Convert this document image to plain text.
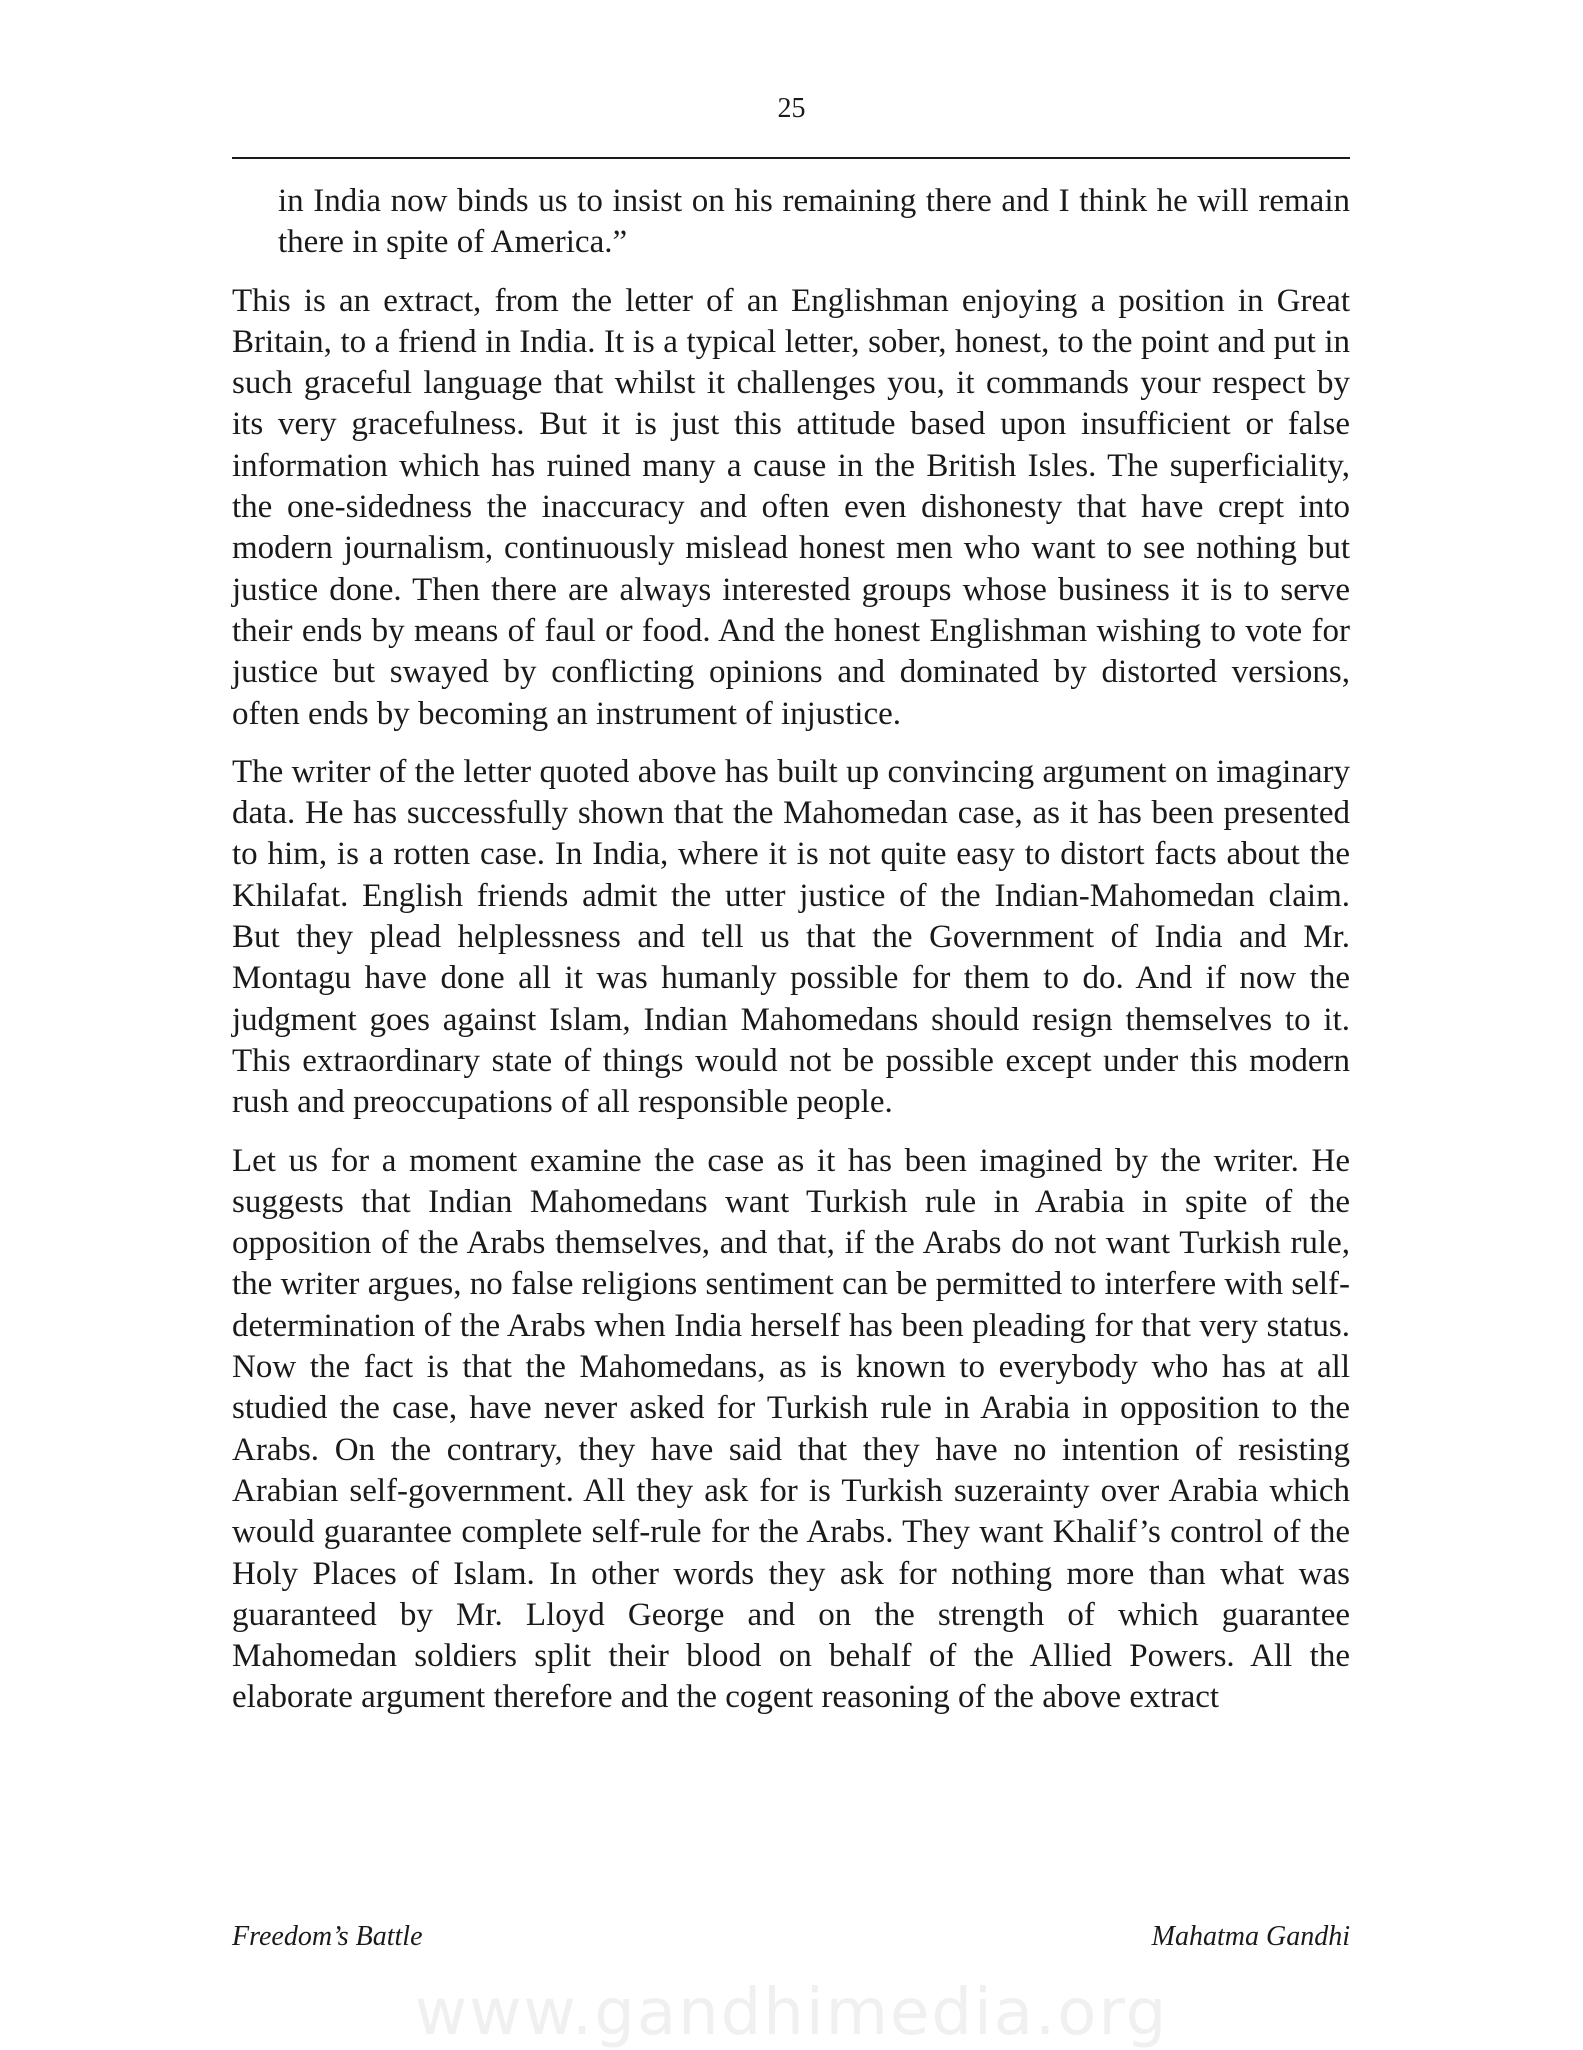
25

in India now binds us to insist on his remaining there and I think he will remain there in spite of America.”

This is an extract, from the letter of an Englishman enjoying a position in Great Britain, to a friend in India. It is a typical letter, sober, honest, to the point and put in such graceful language that whilst it challenges you, it commands your respect by its very gracefulness. But it is just this attitude based upon insufficient or false information which has ruined many a cause in the British Isles. The superficiality, the one-sidedness the inaccuracy and often even dishonesty that have crept into modern journalism, continuously mislead honest men who want to see nothing but justice done. Then there are always interested groups whose business it is to serve their ends by means of faul or food. And the honest Englishman wishing to vote for justice but swayed by conflicting opinions and dominated by distorted versions, often ends by becoming an instrument of injustice.

The writer of the letter quoted above has built up convincing argument on imaginary data. He has successfully shown that the Mahomedan case, as it has been presented to him, is a rotten case. In India, where it is not quite easy to distort facts about the Khilafat. English friends admit the utter justice of the Indian-Mahomedan claim. But they plead helplessness and tell us that the Government of India and Mr. Montagu have done all it was humanly possible for them to do. And if now the judgment goes against Islam, Indian Mahomedans should resign themselves to it. This extraordinary state of things would not be possible except under this modern rush and preoccupations of all responsible people.

Let us for a moment examine the case as it has been imagined by the writer. He suggests that Indian Mahomedans want Turkish rule in Arabia in spite of the opposition of the Arabs themselves, and that, if the Arabs do not want Turkish rule, the writer argues, no false religions sentiment can be permitted to interfere with self-determination of the Arabs when India herself has been pleading for that very status. Now the fact is that the Mahomedans, as is known to everybody who has at all studied the case, have never asked for Turkish rule in Arabia in opposition to the Arabs. On the contrary, they have said that they have no intention of resisting Arabian self-government. All they ask for is Turkish suzerainty over Arabia which would guarantee complete self-rule for the Arabs. They want Khalif’s control of the Holy Places of Islam. In other words they ask for nothing more than what was guaranteed by Mr. Lloyd George and on the strength of which guarantee Mahomedan soldiers split their blood on behalf of the Allied Powers. All the elaborate argument therefore and the cogent reasoning of the above extract

Freedom’s Battle	Mahatma Gandhi
www.gandhimedia.org
